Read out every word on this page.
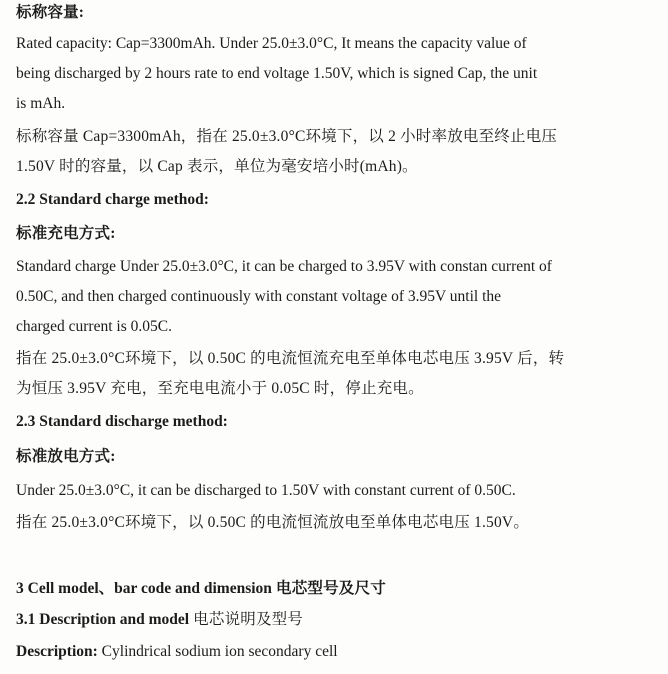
标称容量:
Rated capacity: Cap=3300mAh. Under 25.0±3.0°C, It means the capacity value of
being discharged by 2 hours rate to end voltage 1.50V, which is signed Cap, the unit
is mAh.
标称容量 Cap=3300mAh，指在 25.0±3.0°C环境下，以 2 小时率放电至终止电压
1.50V 时的容量，以 Cap 表示，单位为毫安培小时(mAh)。
2.2 Standard charge method:
标准充电方式:
Standard charge Under 25.0±3.0°C, it can be charged to 3.95V with constan current of
0.50C, and then charged continuously with constant voltage of 3.95V until the
charged current is 0.05C.
指在 25.0±3.0°C环境下，以 0.50C 的电流恒流充电至单体电芯电压 3.95V 后，转
为恒压 3.95V 充电，至充电电流小于 0.05C 时，停止充电。
2.3 Standard discharge method:
标准放电方式:
Under 25.0±3.0°C, it can be discharged to 1.50V with constant current of 0.50C.
指在 25.0±3.0°C环境下，以 0.50C 的电流恒流放电至单体电芯电压 1.50V。
3 Cell model、bar code and dimension 电芯型号及尺寸
3.1 Description and model 电芯说明及型号
Description: Cylindrical sodium ion secondary cell
